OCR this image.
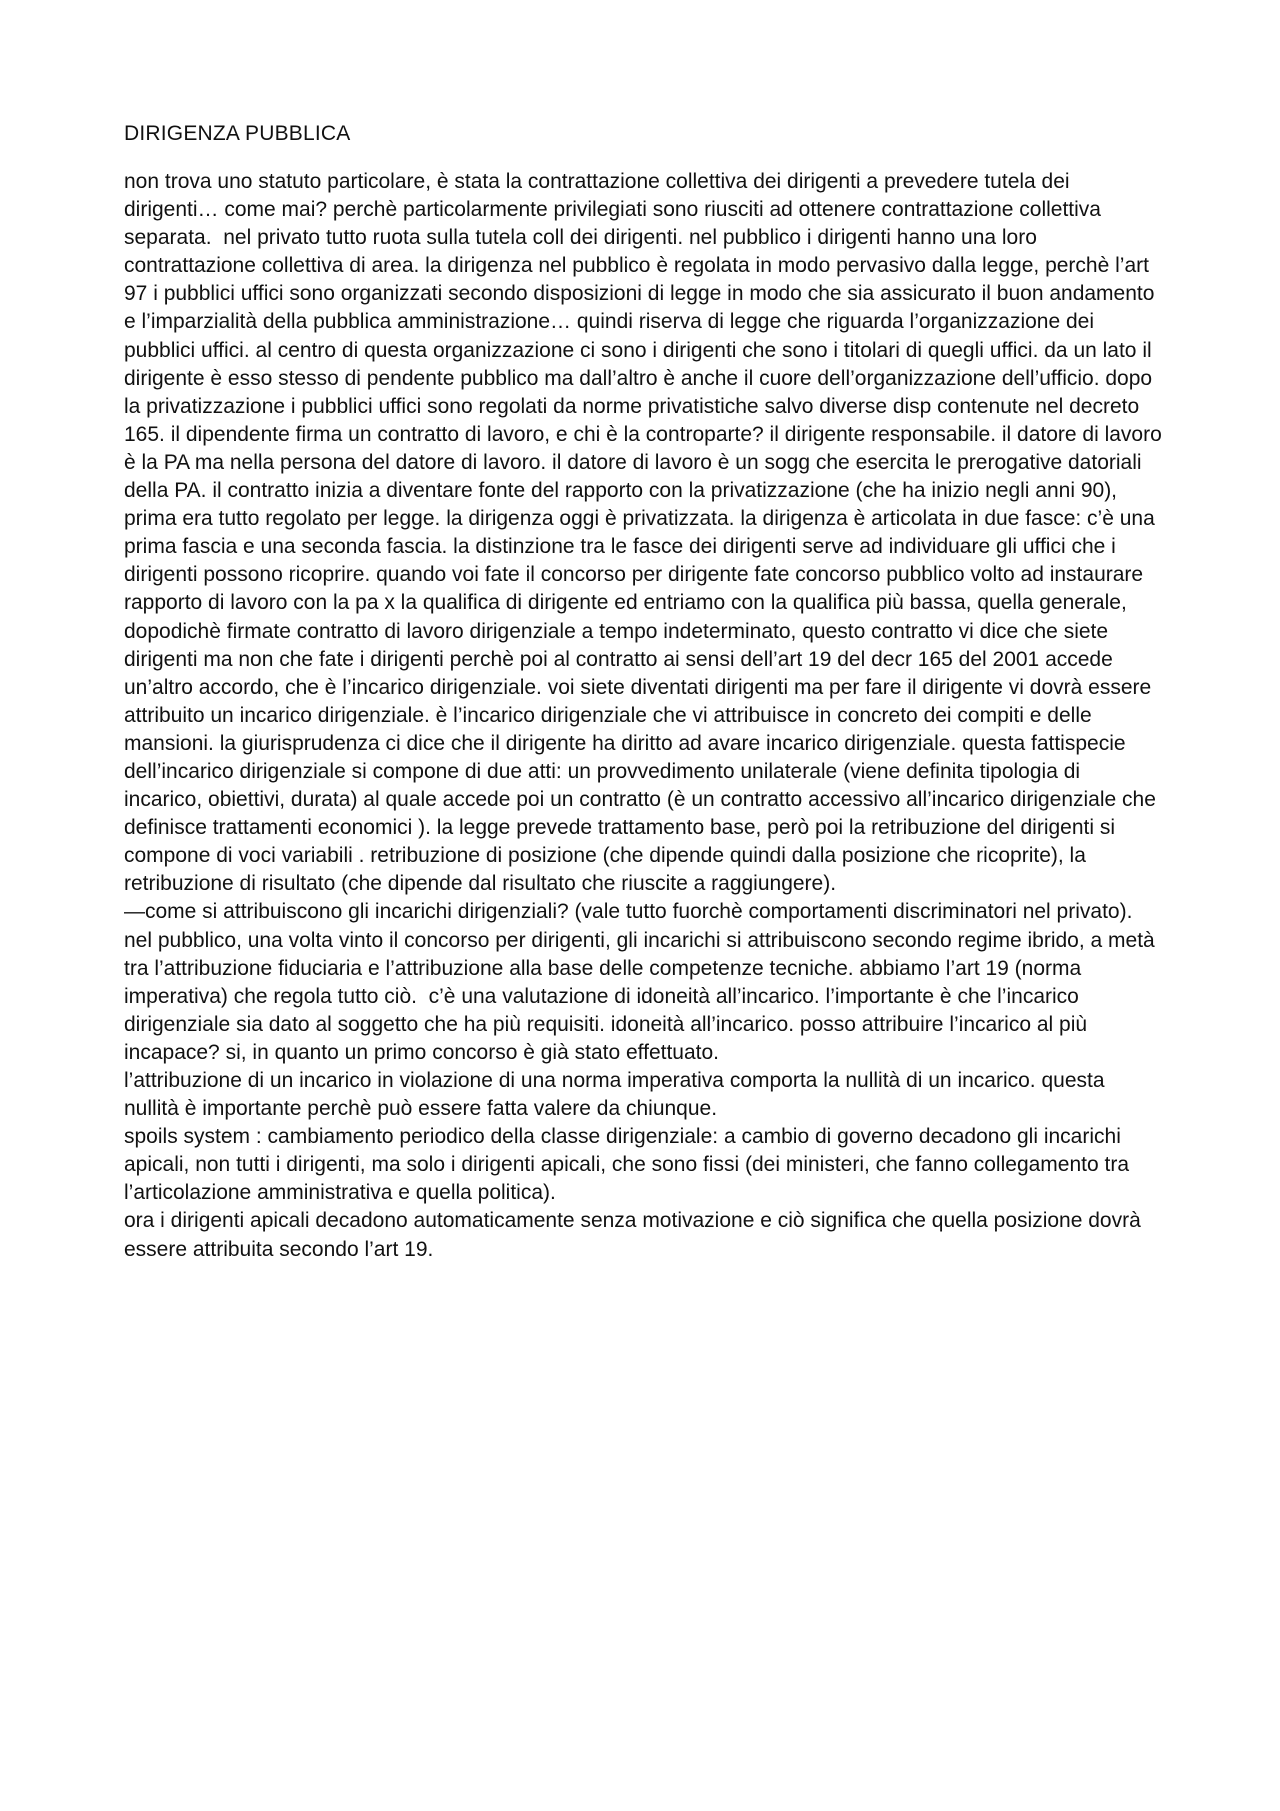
DIRIGENZA PUBBLICA

non trova uno statuto particolare, è stata la contrattazione collettiva dei dirigenti a prevedere tutela dei dirigenti… come mai? perchè particolarmente privilegiati sono riusciti ad ottenere contrattazione collettiva separata.  nel privato tutto ruota sulla tutela coll dei dirigenti. nel pubblico i dirigenti hanno una loro contrattazione collettiva di area. la dirigenza nel pubblico è regolata in modo pervasivo dalla legge, perchè l’art 97 i pubblici uffici sono organizzati secondo disposizioni di legge in modo che sia assicurato il buon andamento e l’imparzialità della pubblica amministrazione… quindi riserva di legge che riguarda l’organizzazione dei pubblici uffici. al centro di questa organizzazione ci sono i dirigenti che sono i titolari di quegli uffici. da un lato il dirigente è esso stesso di pendente pubblico ma dall’altro è anche il cuore dell’organizzazione dell’ufficio. dopo la privatizzazione i pubblici uffici sono regolati da norme privatistiche salvo diverse disp contenute nel decreto 165. il dipendente firma un contratto di lavoro, e chi è la controparte? il dirigente responsabile. il datore di lavoro è la PA ma nella persona del datore di lavoro. il datore di lavoro è un sogg che esercita le prerogative datoriali della PA. il contratto inizia a diventare fonte del rapporto con la privatizzazione (che ha inizio negli anni 90), prima era tutto regolato per legge. la dirigenza oggi è privatizzata. la dirigenza è articolata in due fasce: c’è una prima fascia e una seconda fascia. la distinzione tra le fasce dei dirigenti serve ad individuare gli uffici che i dirigenti possono ricoprire. quando voi fate il concorso per dirigente fate concorso pubblico volto ad instaurare rapporto di lavoro con la pa x la qualifica di dirigente ed entriamo con la qualifica più bassa, quella generale, dopodichè firmate contratto di lavoro dirigenziale a tempo indeterminato, questo contratto vi dice che siete dirigenti ma non che fate i dirigenti perchè poi al contratto ai sensi dell’art 19 del decr 165 del 2001 accede un’altro accordo, che è l’incarico dirigenziale. voi siete diventati dirigenti ma per fare il dirigente vi dovrà essere attribuito un incarico dirigenziale. è l’incarico dirigenziale che vi attribuisce in concreto dei compiti e delle mansioni. la giurisprudenza ci dice che il dirigente ha diritto ad avare incarico dirigenziale. questa fattispecie dell’incarico dirigenziale si compone di due atti: un provvedimento unilaterale (viene definita tipologia di incarico, obiettivi, durata) al quale accede poi un contratto (è un contratto accessivo all’incarico dirigenziale che definisce trattamenti economici ). la legge prevede trattamento base, però poi la retribuzione del dirigenti si compone di voci variabili . retribuzione di posizione (che dipende quindi dalla posizione che ricoprite), la retribuzione di risultato (che dipende dal risultato che riuscite a raggiungere).

—come si attribuiscono gli incarichi dirigenziali? (vale tutto fuorchè comportamenti discriminatori nel privato). nel pubblico, una volta vinto il concorso per dirigenti, gli incarichi si attribuiscono secondo regime ibrido, a metà tra l’attribuzione fiduciaria e l’attribuzione alla base delle competenze tecniche. abbiamo l’art 19 (norma imperativa) che regola tutto ciò.  c’è una valutazione di idoneità all’incarico. l’importante è che l’incarico dirigenziale sia dato al soggetto che ha più requisiti. idoneità all’incarico. posso attribuire l’incarico al più incapace? si, in quanto un primo concorso è già stato effettuato.

l’attribuzione di un incarico in violazione di una norma imperativa comporta la nullità di un incarico. questa nullità è importante perchè può essere fatta valere da chiunque.

spoils system : cambiamento periodico della classe dirigenziale: a cambio di governo decadono gli incarichi apicali, non tutti i dirigenti, ma solo i dirigenti apicali, che sono fissi (dei ministeri, che fanno collegamento tra l’articolazione amministrativa e quella politica).

ora i dirigenti apicali decadono automaticamente senza motivazione e ciò significa che quella posizione dovrà essere attribuita secondo l’art 19.
